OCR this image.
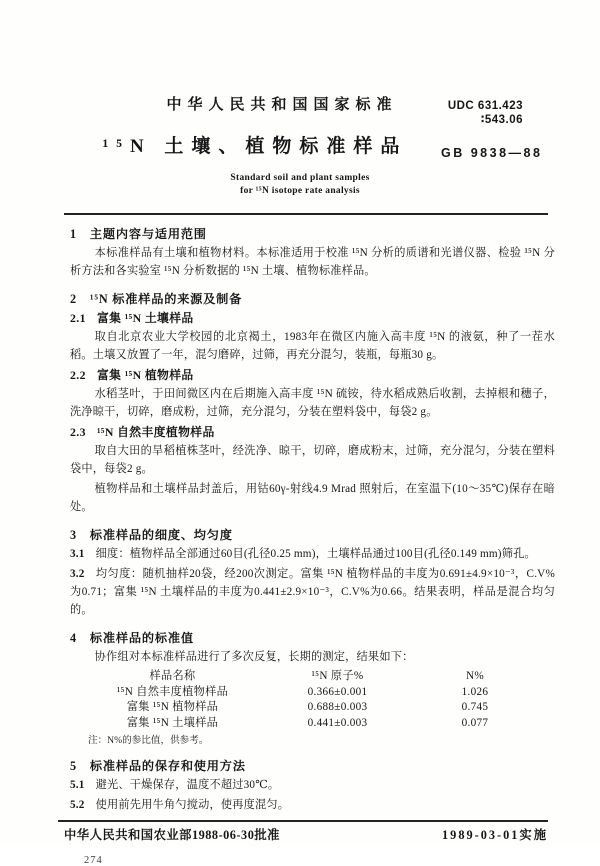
中华人民共和国国家标准	UDC 631.423
∶543.06
¹⁵N 土壤、植物标准样品	GB 9838—88
Standard soil and plant samples
for ¹⁵N isotope rate analysis
1 主题内容与适用范围

本标准样品有土壤和植物材料。本标准适用于校准 ¹⁵N 分析的质谱和光谱仪器、检验 ¹⁵N 分析方法和各实验室 ¹⁵N 分析数据的 ¹⁵N 土壤、植物标准样品。

2 ¹⁵N 标准样品的来源及制备
2.1 富集 ¹⁵N 土壤样品

取自北京农业大学校园的北京褐土，1983年在微区内施入高丰度 ¹⁵N 的液氨，种了一茬水稻。土壤又放置了一年，混匀磨碎，过筛，再充分混匀，装瓶，每瓶30 g。

2.2 富集 ¹⁵N 植物样品

水稻茎叶，于田间微区内在后期施入高丰度 ¹⁵N 硫铵，待水稻成熟后收割，去掉根和穗子，洗净晾干，切碎，磨成粉，过筛，充分混匀，分装在塑料袋中，每袋2 g。

2.3 ¹⁵N 自然丰度植物样品

取自大田的旱稻植株茎叶，经洗净、晾干，切碎，磨成粉末，过筛，充分混匀，分装在塑料袋中，每袋2 g。

植物样品和土壤样品封盖后，用钴60γ-射线4.9 Mrad 照射后，在室温下(10～35℃)保存在暗处。

3 标准样品的细度、均匀度
3.1 细度：植物样品全部通过60目(孔径0.25 mm)，土壤样品通过100目(孔径0.149 mm)筛孔。
3.2 均匀度：随机抽样20袋，经200次测定。富集 ¹⁵N 植物样品的丰度为0.691±4.9×10⁻³，C.V%为0.71；富集 ¹⁵N 土壤样品的丰度为0.441±2.9×10⁻³，C.V%为0.66。结果表明，样品是混合均匀的。
4 标准样品的标准值

协作组对本标准样品进行了多次反复，长期的测定，结果如下：

样品名称	¹⁵N 原子%	N%
¹⁵N 自然丰度植物样品	0.366±0.001	1.026
富集 ¹⁵N 植物样品	0.688±0.003	0.745
富集 ¹⁵N 土壤样品	0.441±0.003	0.077
注：N%的参比值，供参考。
5 标准样品的保存和使用方法
5.1 避光、干燥保存，温度不超过30℃。
5.2 使用前先用牛角勺搅动，使再度混匀。
中华人民共和国农业部1988-06-30批准	1989-03-01实施
274
